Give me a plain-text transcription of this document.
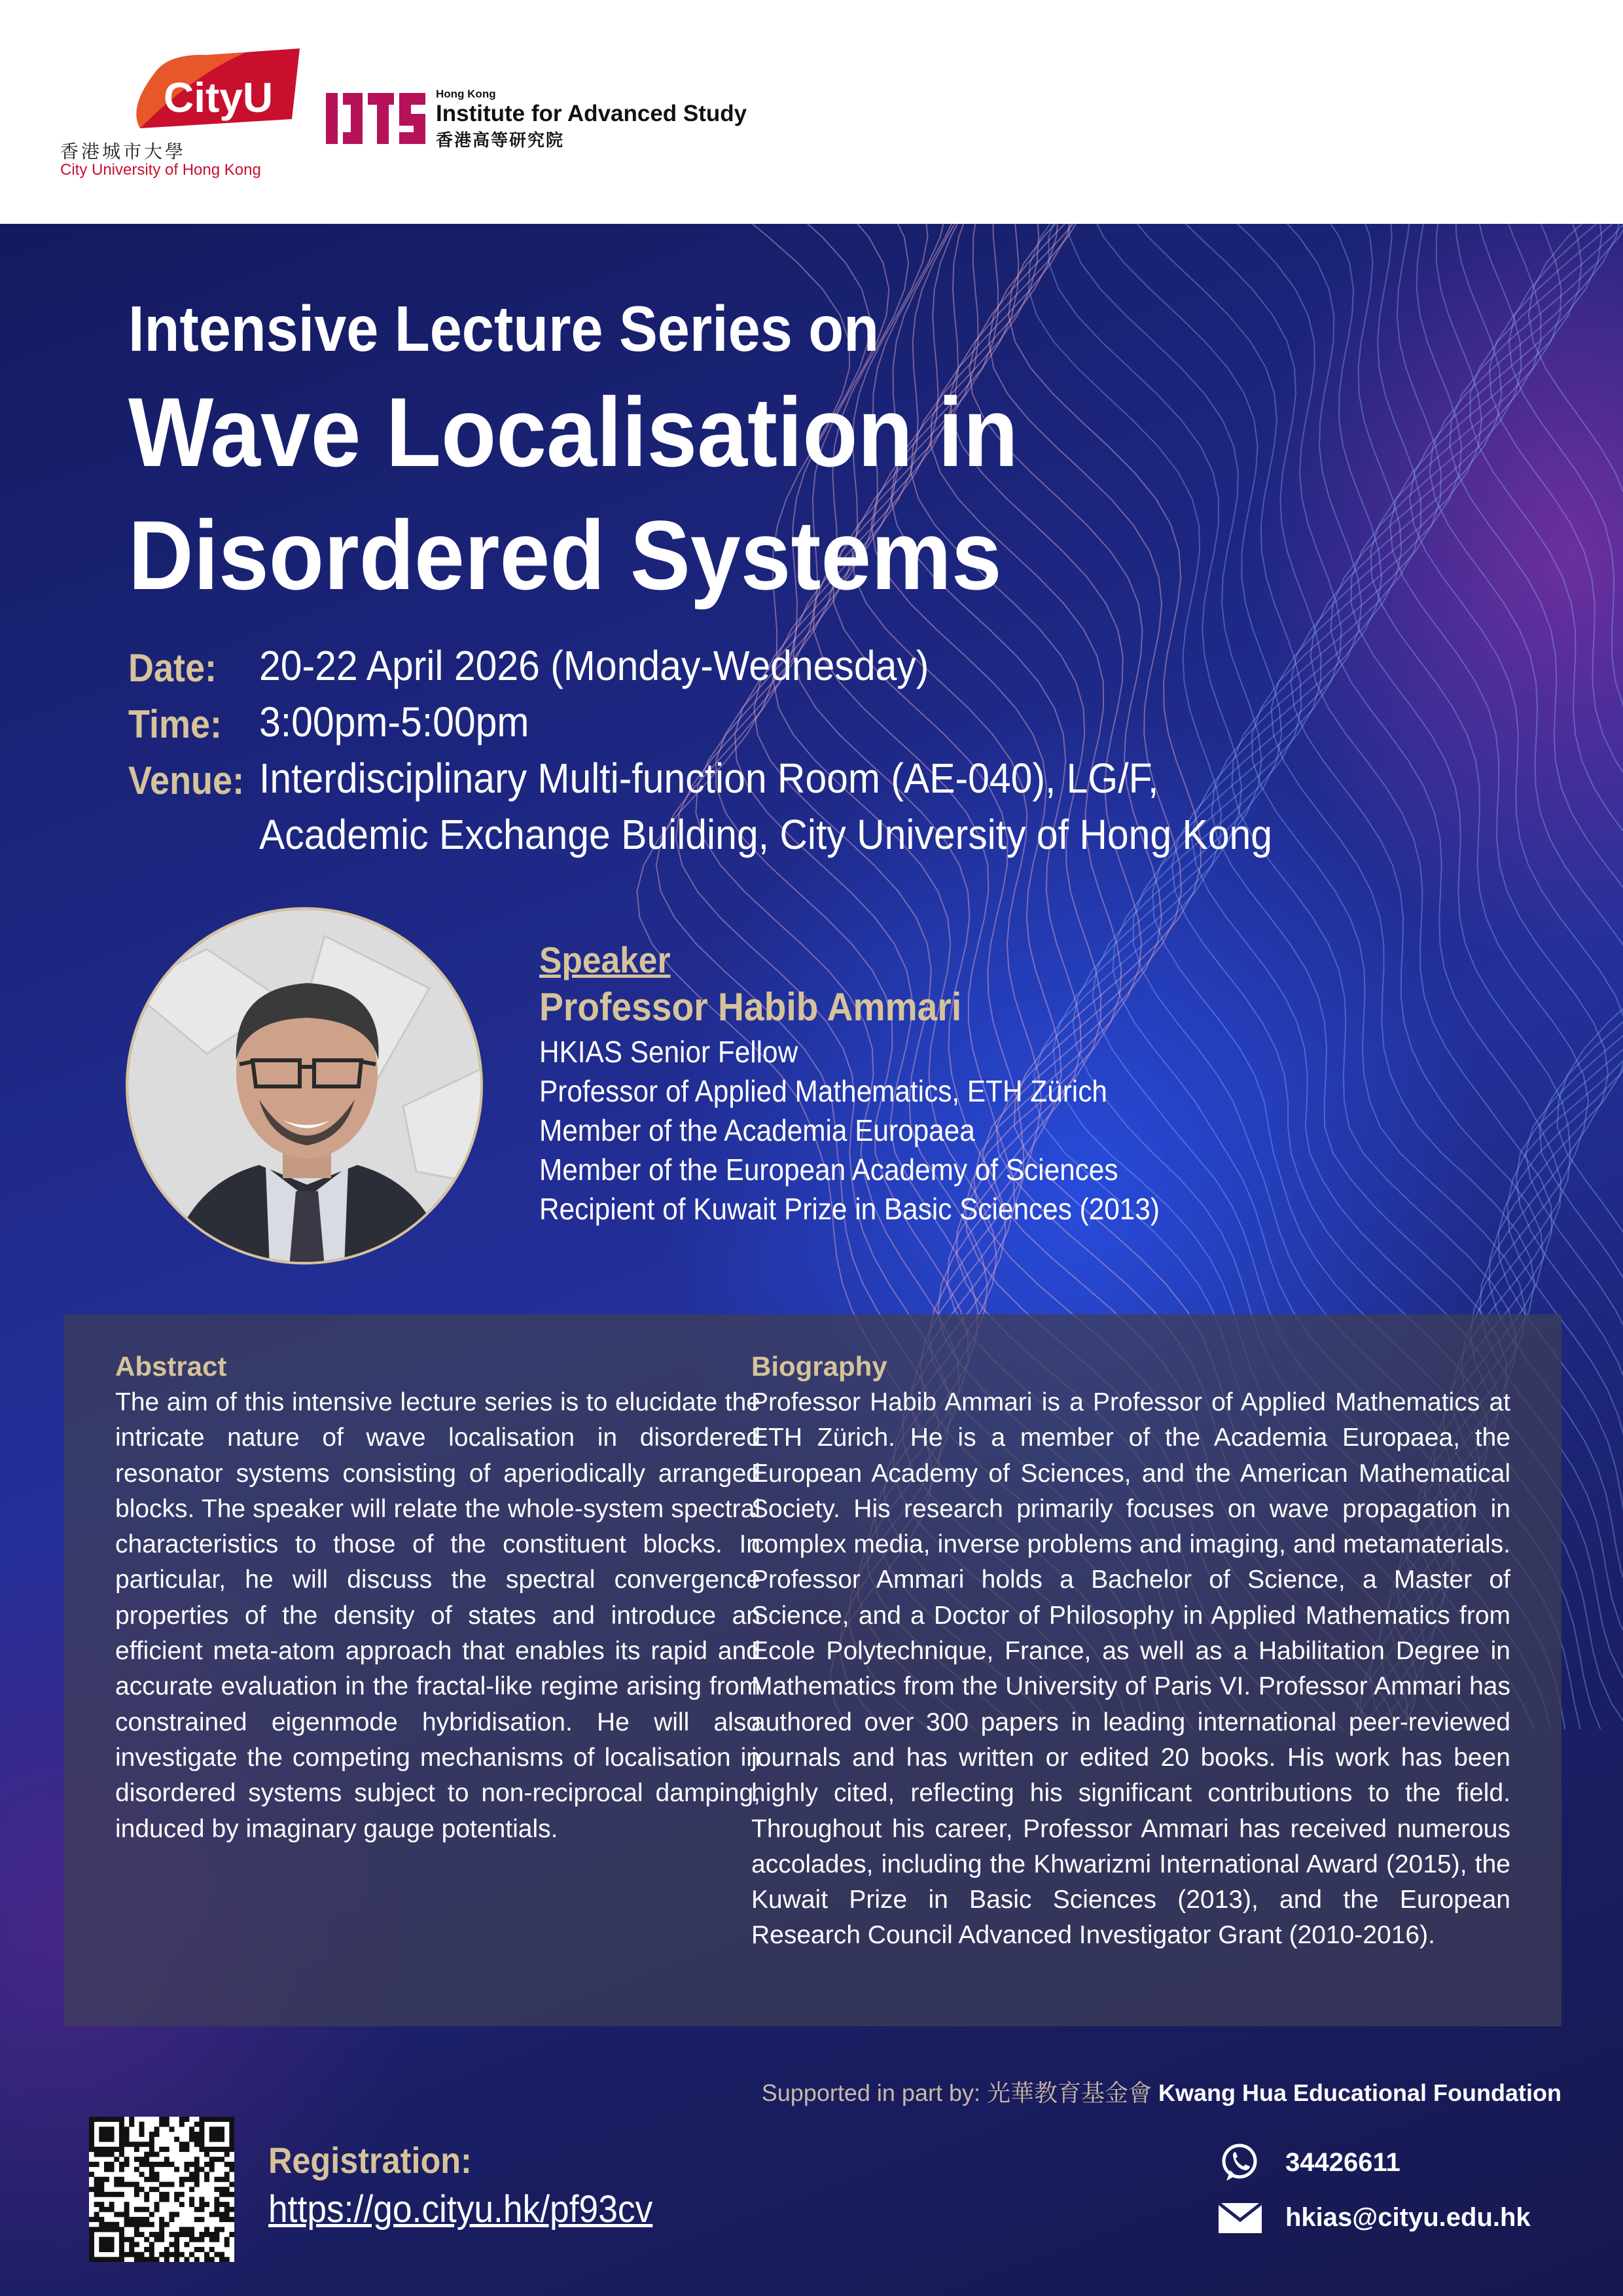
CityU
香港城市大學
City University of Hong Kong
Hong Kong
Institute for Advanced Study
香港高等研究院
Intensive Lecture Series on
Wave Localisation in
Disordered Systems
Date: 20-22 April 2026 (Monday-Wednesday)
Time: 3:00pm-5:00pm
Venue: Interdisciplinary Multi-function Room (AE-040), LG/F,
Academic Exchange Building, City University of Hong Kong
Speaker
Professor Habib Ammari
HKIAS Senior Fellow
Professor of Applied Mathematics, ETH Zürich
Member of the Academia Europaea
Member of the European Academy of Sciences
Recipient of Kuwait Prize in Basic Sciences (2013)
Abstract
The aim of this intensive lecture series is to elucidate the intricate nature of wave localisation in disordered resonator systems consisting of aperiodically arranged blocks. The speaker will relate the whole-system spectral characteristics to those of the constituent blocks. In particular, he will discuss the spectral convergence properties of the density of states and introduce an efficient meta-atom approach that enables its rapid and accurate evaluation in the fractal-like regime arising from constrained eigenmode hybridisation. He will also investigate the competing mechanisms of localisation in disordered systems subject to non-reciprocal damping, induced by imaginary gauge potentials.
Biography
Professor Habib Ammari is a Professor of Applied Mathematics at ETH Zürich. He is a member of the Academia Europaea, the European Academy of Sciences, and the American Mathematical Society. His research primarily focuses on wave propagation in complex media, inverse problems and imaging, and metamaterials. Professor Ammari holds a Bachelor of Science, a Master of Science, and a Doctor of Philosophy in Applied Mathematics from Ecole Polytechnique, France, as well as a Habilitation Degree in Mathematics from the University of Paris VI. Professor Ammari has authored over 300 papers in leading international peer-reviewed journals and has written or edited 20 books. His work has been highly cited, reflecting his significant contributions to the field. Throughout his career, Professor Ammari has received numerous accolades, including the Khwarizmi International Award (2015), the Kuwait Prize in Basic Sciences (2013), and the European Research Council Advanced Investigator Grant (2010-2016).
Supported in part by: 光華教育基金會 Kwang Hua Educational Foundation
Registration:
https://go.cityu.hk/pf93cv
34426611
hkias@cityu.edu.hk
